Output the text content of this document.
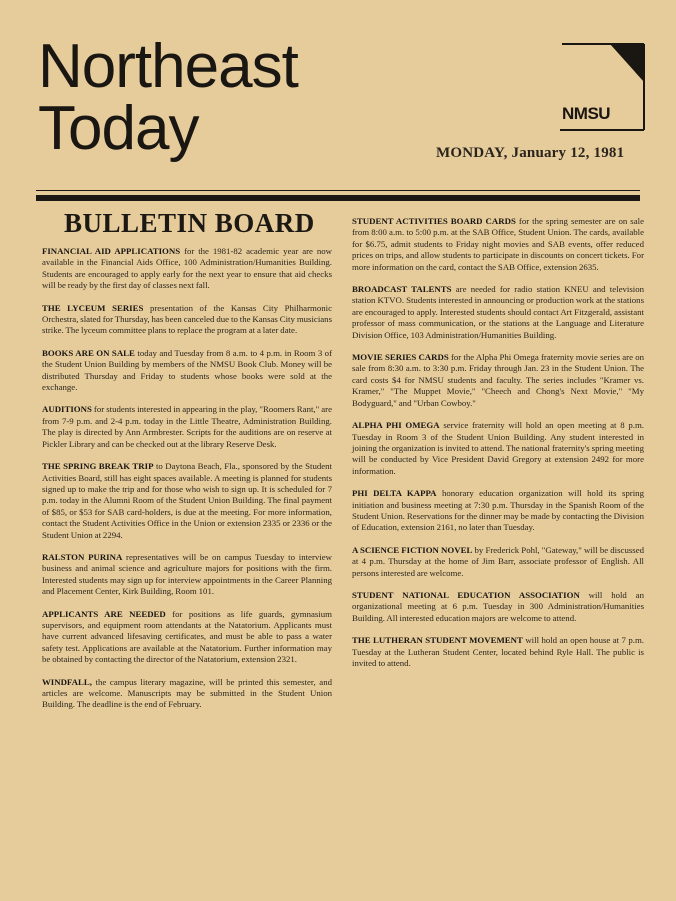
Northeast
Today	NMSU
MONDAY, January 12, 1981
BULLETIN BOARD

FINANCIAL AID APPLICATIONS for the 1981-82 academic year are now available in the Financial Aids Office, 100 Administration/Humanities Building. Students are encouraged to apply early for the next year to ensure that aid checks will be ready by the first day of classes next fall.

THE LYCEUM SERIES presentation of the Kansas City Philharmonic Orchestra, slated for Thursday, has been canceled due to the Kansas City musicians strike. The lyceum committee plans to replace the program at a later date.

BOOKS ARE ON SALE today and Tuesday from 8 a.m. to 4 p.m. in Room 3 of the Student Union Building by members of the NMSU Book Club. Money will be distributed Thursday and Friday to students whose books were sold at the exchange.

AUDITIONS for students interested in appearing in the play, "Roomers Rant," are from 7-9 p.m. and 2-4 p.m. today in the Little Theatre, Administration Building. The play is directed by Ann Armbrester. Scripts for the auditions are on reserve at Pickler Library and can be checked out at the library Reserve Desk.

THE SPRING BREAK TRIP to Daytona Beach, Fla., sponsored by the Student Activities Board, still has eight spaces available. A meeting is planned for students signed up to make the trip and for those who wish to sign up. It is scheduled for 7 p.m. today in the Alumni Room of the Student Union Building. The final payment of $85, or $53 for SAB card-holders, is due at the meeting. For more information, contact the Student Activities Office in the Union or extension 2335 or 2336 or the Student Union at 2294.

RALSTON PURINA representatives will be on campus Tuesday to interview business and animal science and agriculture majors for positions with the firm. Interested students may sign up for interview appointments in the Career Planning and Placement Center, Kirk Building, Room 101.

APPLICANTS ARE NEEDED for positions as life guards, gymnasium supervisors, and equipment room attendants at the Natatorium. Applicants must have current advanced lifesaving certificates, and must be able to pass a water safety test. Applications are available at the Natatorium. Further information may be obtained by contacting the director of the Natatorium, extension 2321.

WINDFALL, the campus literary magazine, will be printed this semester, and articles are welcome. Manuscripts may be submitted in the Student Union Building. The deadline is the end of February.

STUDENT ACTIVITIES BOARD CARDS for the spring semester are on sale from 8:00 a.m. to 5:00 p.m. at the SAB Office, Student Union. The cards, available for $6.75, admit students to Friday night movies and SAB events, offer reduced prices on trips, and allow students to participate in discounts on concert tickets. For more information on the card, contact the SAB Office, extension 2635.

BROADCAST TALENTS are needed for radio station KNEU and television station KTVO. Students interested in announcing or production work at the stations are encouraged to apply. Interested students should contact Art Fitzgerald, assistant professor of mass communication, or the stations at the Language and Literature Division Office, 103 Administration/Humanities Building.

MOVIE SERIES CARDS for the Alpha Phi Omega fraternity movie series are on sale from 8:30 a.m. to 3:30 p.m. Friday through Jan. 23 in the Student Union. The card costs $4 for NMSU students and faculty. The series includes "Kramer vs. Kramer," "The Muppet Movie," "Cheech and Chong's Next Movie," "My Bodyguard," and "Urban Cowboy."

ALPHA PHI OMEGA service fraternity will hold an open meeting at 8 p.m. Tuesday in Room 3 of the Student Union Building. Any student interested in joining the organization is invited to attend. The national fraternity's spring meeting will be conducted by Vice President David Gregory at extension 2492 for more information.

PHI DELTA KAPPA honorary education organization will hold its spring initiation and business meeting at 7:30 p.m. Thursday in the Spanish Room of the Student Union. Reservations for the dinner may be made by contacting the Division of Education, extension 2161, no later than Tuesday.

A SCIENCE FICTION NOVEL by Frederick Pohl, "Gateway," will be discussed at 4 p.m. Thursday at the home of Jim Barr, associate professor of English. All persons interested are welcome.

STUDENT NATIONAL EDUCATION ASSOCIATION will hold an organizational meeting at 6 p.m. Tuesday in 300 Administration/Humanities Building. All interested education majors are welcome to attend.

THE LUTHERAN STUDENT MOVEMENT will hold an open house at 7 p.m. Tuesday at the Lutheran Student Center, located behind Ryle Hall. The public is invited to attend.
